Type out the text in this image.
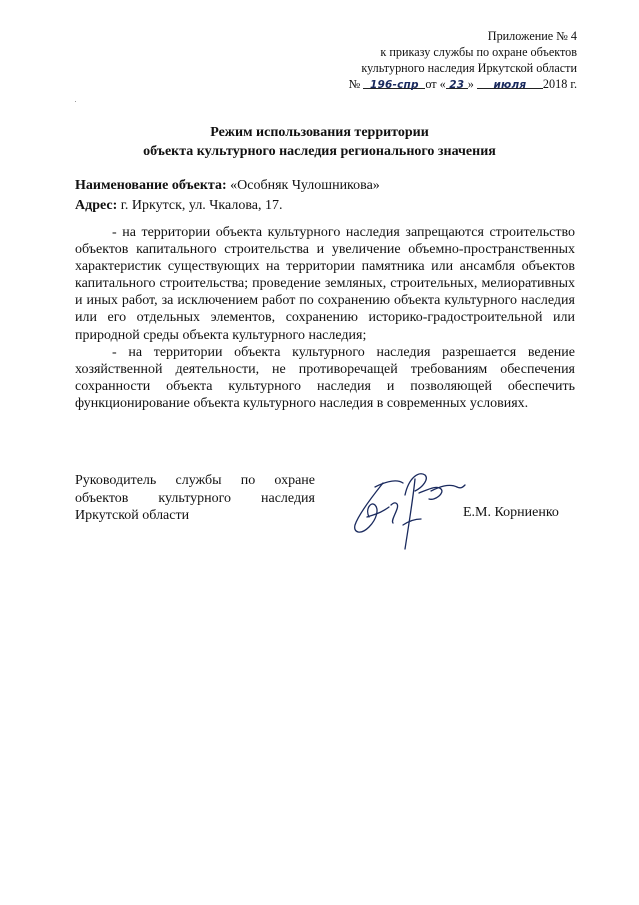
Приложение № 4
к приказу службы по охране объектов
культурного наследия Иркутской области
№ 196-спр от « 23 » июля 2018 г.
Режим использования территории
объекта культурного наследия регионального значения
Наименование объекта: «Особняк Чулошникова»
Адрес: г. Иркутск, ул. Чкалова, 17.

- на территории объекта культурного наследия запрещаются строительство объектов капитального строительства и увеличение объемно-пространственных характеристик существующих на территории памятника или ансамбля объектов капитального строительства; проведение земляных, строительных, мелиоративных и иных работ, за исключением работ по сохранению объекта культурного наследия или его отдельных элементов, сохранению историко-градостроительной или природной среды объекта культурного наследия;

- на территории объекта культурного наследия разрешается ведение хозяйственной деятельности, не противоречащей требованиям обеспечения сохранности объекта культурного наследия и позволяющей обеспечить функционирование объекта культурного наследия в современных условиях.

Руководитель службы по охране объектов культурного наследия Иркутской области	Е.М. Корниенко
